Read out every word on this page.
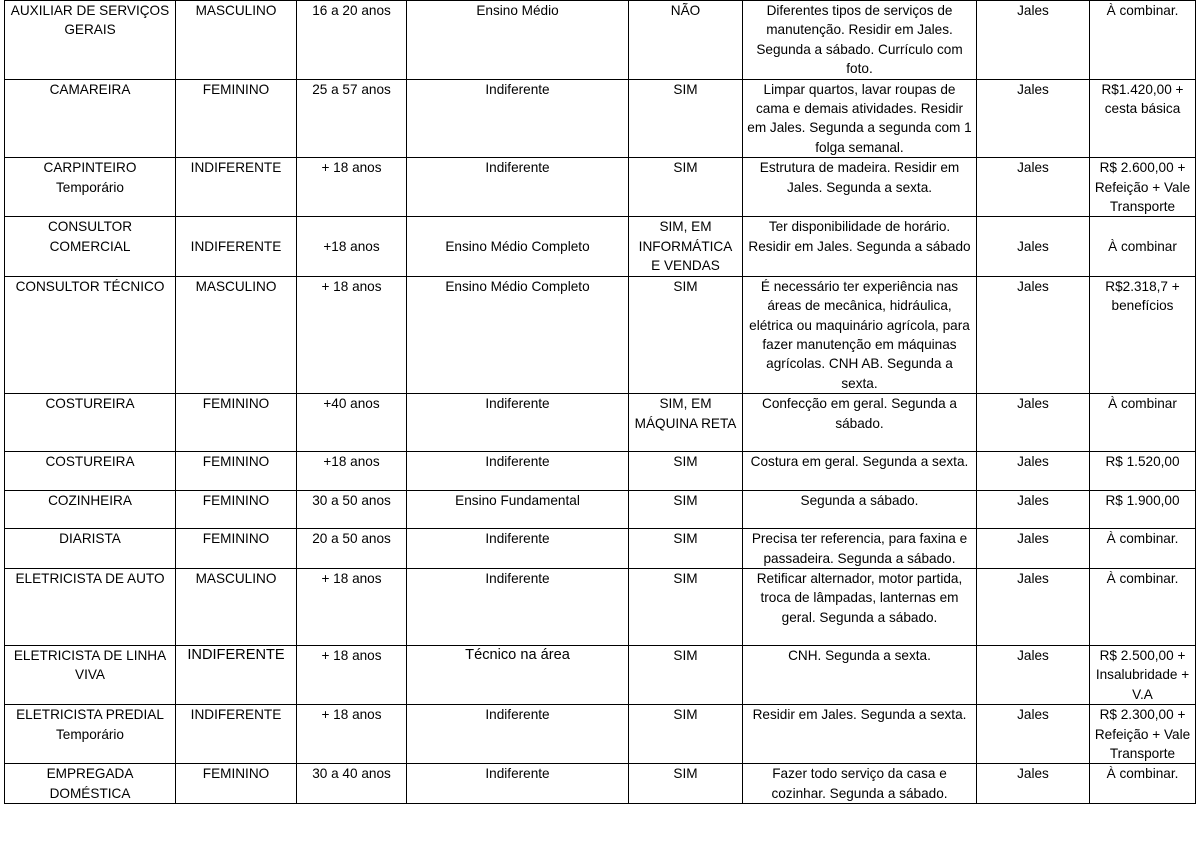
AUXILIAR DE SERVIÇOS GERAIS	MASCULINO	16 a 20 anos	Ensino Médio	NÃO	Diferentes tipos de serviços de manutenção. Residir em Jales. Segunda a sábado. Currículo com foto.	Jales	À combinar.
CAMAREIRA	FEMININO	25 a 57 anos	Indiferente	SIM	Limpar quartos, lavar roupas de cama e demais atividades. Residir em Jales. Segunda a segunda com 1 folga semanal.	Jales	R$1.420,00 + cesta básica
CARPINTEIRO Temporário	INDIFERENTE	+ 18 anos	Indiferente	SIM	Estrutura de madeira. Residir em Jales. Segunda a sexta.	Jales	R$ 2.600,00 + Refeição + Vale Transporte
CONSULTOR COMERCIAL	INDIFERENTE	+18 anos	Ensino Médio Completo	SIM, EM INFORMÁTICA E VENDAS	Ter disponibilidade de horário. Residir em Jales. Segunda a sábado	Jales	À combinar
CONSULTOR TÉCNICO	MASCULINO	+ 18 anos	Ensino Médio Completo	SIM	É necessário ter experiência nas áreas de mecânica, hidráulica, elétrica ou maquinário agrícola, para fazer manutenção em máquinas agrícolas. CNH AB. Segunda a sexta.	Jales	R$2.318,7 + benefícios
COSTUREIRA	FEMININO	+40 anos	Indiferente	SIM, EM MÁQUINA RETA	Confecção em geral. Segunda a sábado.	Jales	À combinar
COSTUREIRA	FEMININO	+18 anos	Indiferente	SIM	Costura em geral. Segunda a sexta.	Jales	R$ 1.520,00
COZINHEIRA	FEMININO	30 a 50 anos	Ensino Fundamental	SIM	Segunda a sábado.	Jales	R$ 1.900,00
DIARISTA	FEMININO	20 a 50 anos	Indiferente	SIM	Precisa ter referencia, para faxina e passadeira. Segunda a sábado.	Jales	À combinar.
ELETRICISTA DE AUTO	MASCULINO	+ 18 anos	Indiferente	SIM	Retificar alternador, motor partida, troca de lâmpadas, lanternas em geral. Segunda a sábado.	Jales	À combinar.
ELETRICISTA DE LINHA VIVA	INDIFERENTE	+ 18 anos	Técnico na área	SIM	CNH. Segunda a sexta.	Jales	R$ 2.500,00 + Insalubridade + V.A
ELETRICISTA PREDIAL Temporário	INDIFERENTE	+ 18 anos	Indiferente	SIM	Residir em Jales. Segunda a sexta.	Jales	R$ 2.300,00 + Refeição + Vale Transporte
EMPREGADA DOMÉSTICA	FEMININO	30 a 40 anos	Indiferente	SIM	Fazer todo serviço da casa e cozinhar. Segunda a sábado.	Jales	À combinar.
